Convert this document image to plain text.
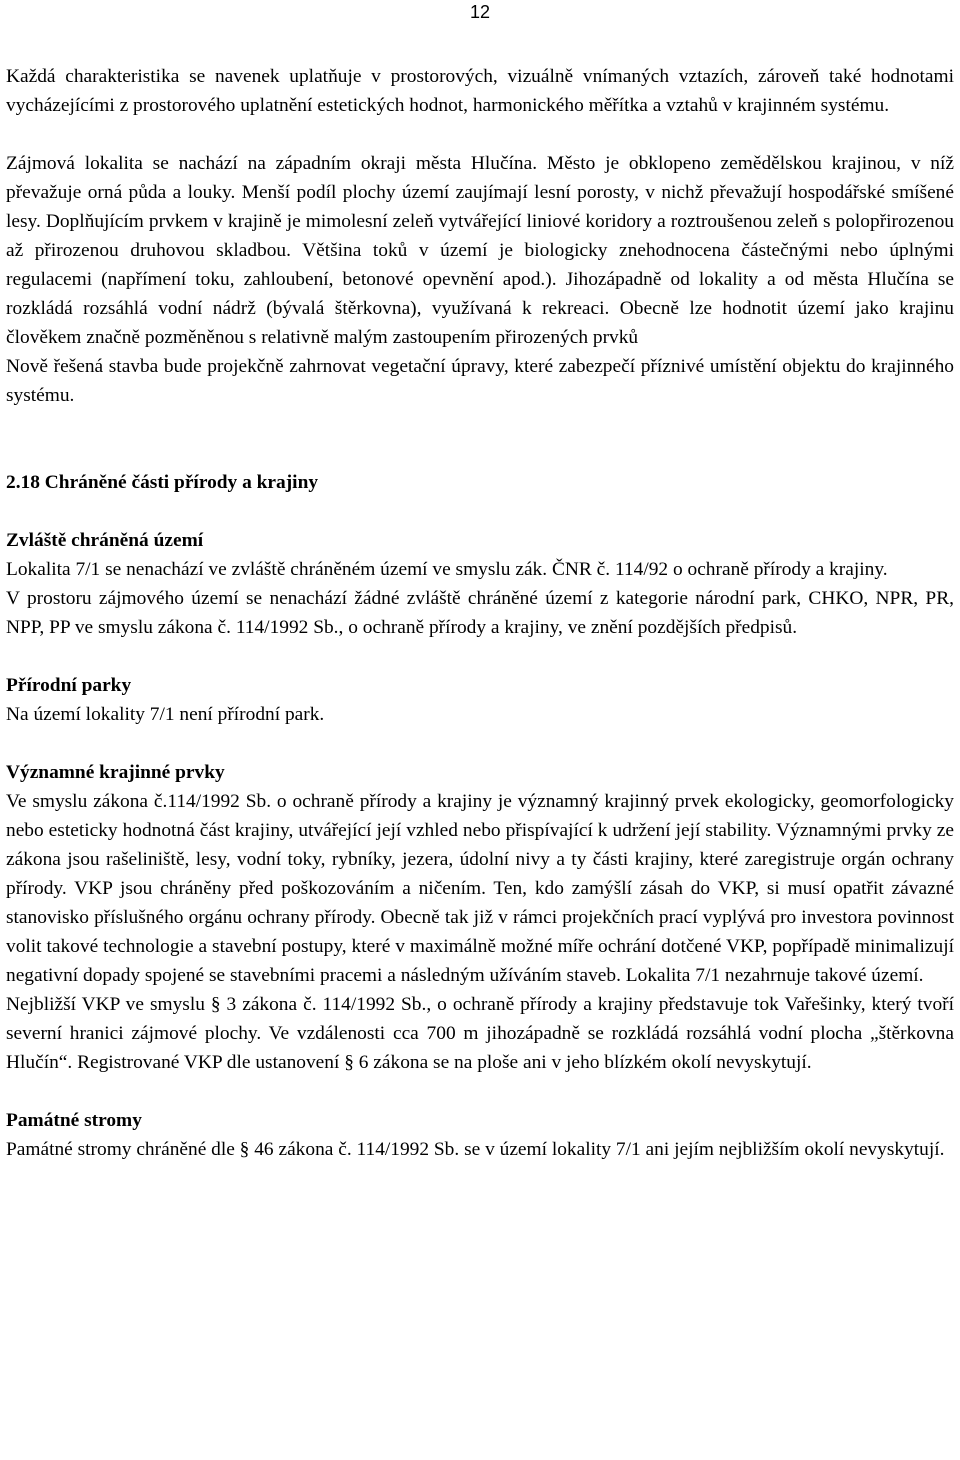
12

Každá charakteristika se navenek uplatňuje v prostorových, vizuálně vnímaných vztazích, zároveň také hodnotami vycházejícími z prostorového uplatnění estetických hodnot, harmonického měřítka a vztahů v krajinném systému.

Zájmová lokalita se nachází na západním okraji města Hlučína. Město je obklopeno zemědělskou krajinou, v níž převažuje orná půda a louky. Menší podíl plochy území zaujímají lesní porosty, v nichž převažují hospodářské smíšené lesy. Doplňujícím prvkem v krajině je mimolesní zeleň vytvářející liniové koridory a roztroušenou zeleň s polopřirozenou až přirozenou druhovou skladbou. Většina toků v území je biologicky znehodnocena částečnými nebo úplnými regulacemi (napřímení toku, zahloubení, betonové opevnění apod.). Jihozápadně od lokality a od města Hlučína se rozkládá rozsáhlá vodní nádrž (bývalá štěrkovna), využívaná k rekreaci. Obecně lze hodnotit území jako krajinu člověkem značně pozměněnou s relativně malým zastoupením přirozených prvků

Nově řešená stavba bude projekčně zahrnovat vegetační úpravy, které zabezpečí příznivé umístění objektu do krajinného systému.

2.18 Chráněné části přírody a krajiny
Zvláště chráněná území

Lokalita 7/1 se nenachází ve zvláště chráněném území ve smyslu zák. ČNR č. 114/92 o ochraně přírody a krajiny.

V prostoru zájmového území se nenachází žádné zvláště chráněné území z kategorie národní park, CHKO, NPR, PR, NPP, PP ve smyslu zákona č. 114/1992 Sb., o ochraně přírody a krajiny, ve znění pozdějších předpisů.

Přírodní parky

Na území lokality 7/1 není přírodní park.

Významné krajinné prvky

Ve smyslu zákona č.114/1992 Sb. o ochraně přírody a krajiny je významný krajinný prvek ekologicky, geomorfologicky nebo esteticky hodnotná část krajiny, utvářející její vzhled nebo přispívající k udržení její stability. Významnými prvky ze zákona jsou rašeliniště, lesy, vodní toky, rybníky, jezera, údolní nivy a ty části krajiny, které zaregistruje orgán ochrany přírody. VKP jsou chráněny před poškozováním a ničením. Ten, kdo zamýšlí zásah do VKP, si musí opatřit závazné stanovisko příslušného orgánu ochrany přírody. Obecně tak již v rámci projekčních prací vyplývá pro investora povinnost volit takové technologie a stavební postupy, které v maximálně možné míře ochrání dotčené VKP, popřípadě minimalizují negativní dopady spojené se stavebními pracemi a následným užíváním staveb. Lokalita 7/1 nezahrnuje takové území.

Nejbližší VKP ve smyslu § 3 zákona č. 114/1992 Sb., o ochraně přírody a krajiny představuje tok Vařešinky, který tvoří severní hranici zájmové plochy. Ve vzdálenosti cca 700 m jihozápadně se rozkládá rozsáhlá vodní plocha „štěrkovna Hlučín“. Registrované VKP dle ustanovení § 6 zákona se na ploše ani v jeho blízkém okolí nevyskytují.

Památné stromy

Památné stromy chráněné dle § 46 zákona č. 114/1992 Sb. se v území lokality 7/1 ani jejím nejbližším okolí nevyskytují.
